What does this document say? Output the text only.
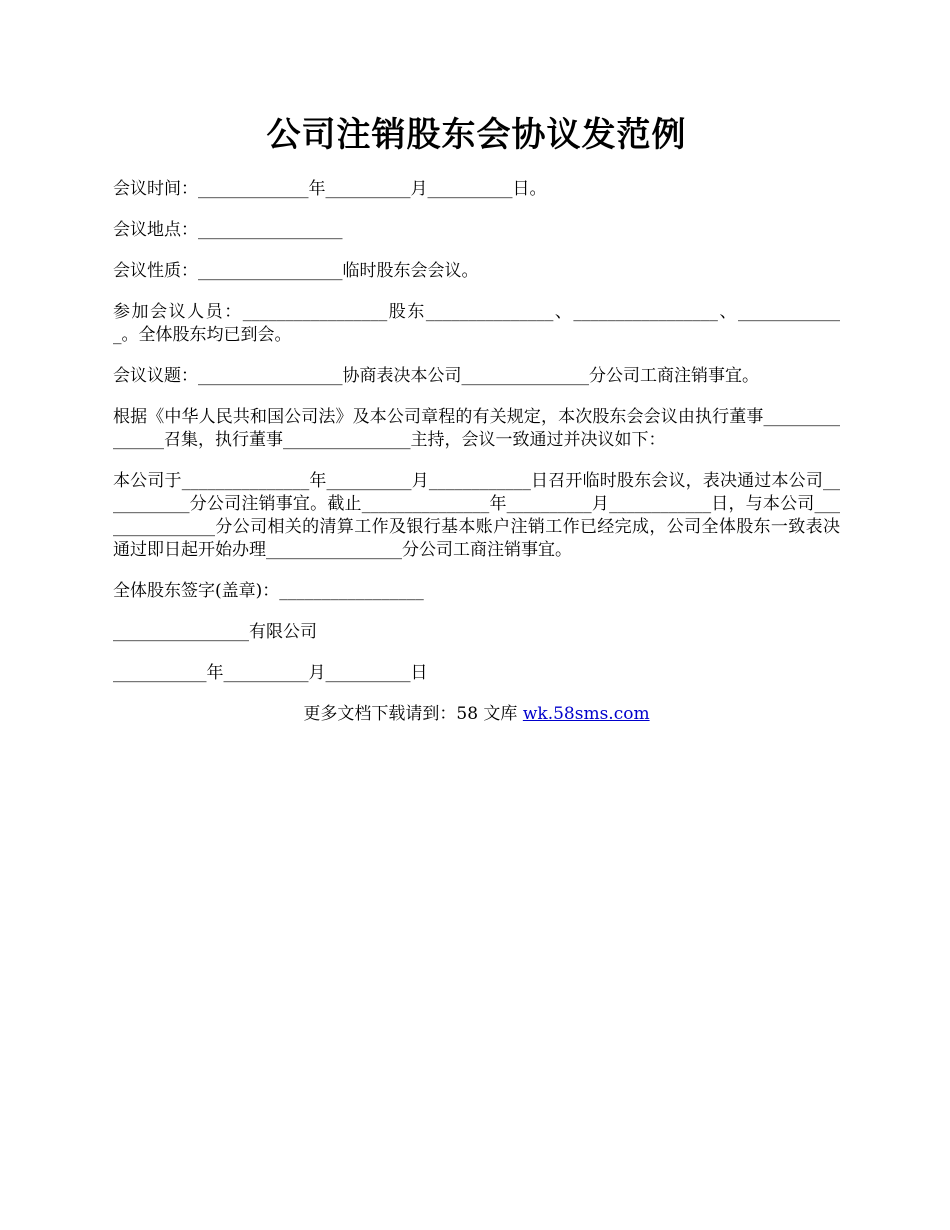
公司注销股东会协议发范例

会议时间：_____________年__________月__________日。

会议地点：_________________

会议性质：_________________临时股东会会议。

参加会议人员：_________________股东_______________、_________________、_____________。全体股东均已到会。

会议议题：_________________协商表决本公司_______________分公司工商注销事宜。

根据《中华人民共和国公司法》及本公司章程的有关规定，本次股东会会议由执行董事_______________召集，执行董事_______________主持，会议一致通过并决议如下：

本公司于_______________年__________月____________日召开临时股东会议，表决通过本公司___________分公司注销事宜。截止_______________年__________月____________日，与本公司_______________分公司相关的清算工作及银行基本账户注销工作已经完成，公司全体股东一致表决通过即日起开始办理________________分公司工商注销事宜。

全体股东签字(盖章)：_________________

________________有限公司

___________年__________月__________日

更多文档下载请到：58 文库 wk.58sms.com
